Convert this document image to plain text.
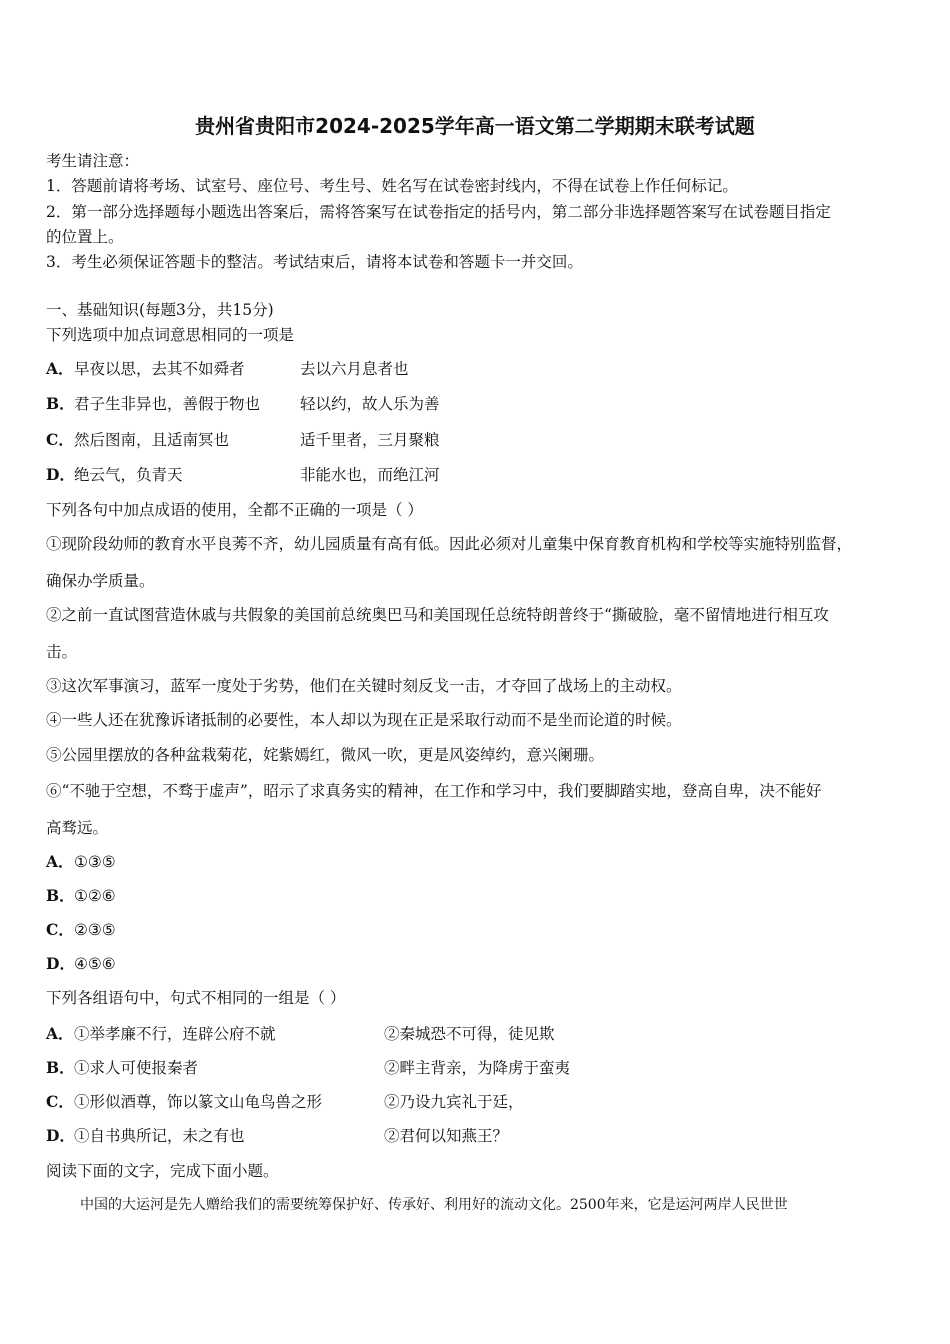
贵州省贵阳市2024-2025学年高一语文第二学期期末联考试题
考生请注意：
1．答题前请将考场、试室号、座位号、考生号、姓名写在试卷密封线内，不得在试卷上作任何标记。
2．第一部分选择题每小题选出答案后，需将答案写在试卷指定的括号内，第二部分非选择题答案写在试卷题目指定
的位置上。
3．考生必须保证答题卡的整洁。考试结束后，请将本试卷和答题卡一并交回。
一、基础知识(每题3分，共15分)
下列选项中加点词意思相同的一项是
A． 早夜以思，去其不如舜者	去以六月息者也
B． 君子生非异也，善假于物也	轻以约，故人乐为善
C． 然后图南，且适南冥也	适千里者，三月聚粮
D． 绝云气，负青天	非能水也，而绝江河
下列各句中加点成语的使用，全都不正确的一项是（ ）
①现阶段幼师的教育水平良莠不齐，幼儿园质量有高有低。因此必须对儿童集中保育教育机构和学校等实施特别监督，
确保办学质量。
②之前一直试图营造休戚与共假象的美国前总统奥巴马和美国现任总统特朗普终于“撕破脸，毫不留情地进行相互攻
击。
③这次军事演习，蓝军一度处于劣势，他们在关键时刻反戈一击，才夺回了战场上的主动权。
④一些人还在犹豫诉诸抵制的必要性，本人却以为现在正是采取行动而不是坐而论道的时候。
⑤公园里摆放的各种盆栽菊花，姹紫嫣红，微风一吹，更是风姿绰约，意兴阑珊。
⑥“不驰于空想，不骛于虚声”，昭示了求真务实的精神，在工作和学习中，我们要脚踏实地，登高自卑，决不能好
高骛远。
A． ①③⑤
B． ①②⑥
C． ②③⑤
D． ④⑤⑥
下列各组语句中，句式不相同的一组是（ ）
A． ①举孝廉不行，连辟公府不就	②秦城恐不可得，徒见欺
B． ①求人可使报秦者	②畔主背亲，为降虏于蛮夷
C． ①形似酒尊，饰以篆文山龟鸟兽之形	②乃设九宾礼于廷，
D． ①自书典所记，未之有也	②君何以知燕王？
阅读下面的文字，完成下面小题。
中国的大运河是先人赠给我们的需要统筹保护好、传承好、利用好的流动文化。2500年来，它是运河两岸人民世世
